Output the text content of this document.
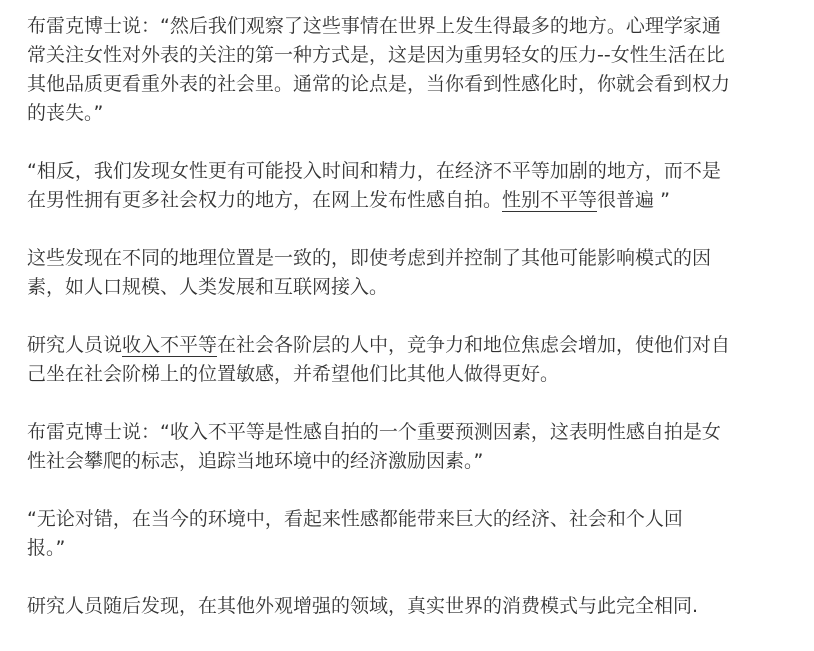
布雷克博士说：“然后我们观察了这些事情在世界上发生得最多的地方。心理学家通
常关注女性对外表的关注的第一种方式是，这是因为重男轻女的压力--女性生活在比
其他品质更看重外表的社会里。通常的论点是，当你看到性感化时，你就会看到权力
的丧失。”

“相反，我们发现女性更有可能投入时间和精力，在经济不平等加剧的地方，而不是
在男性拥有更多社会权力的地方，在网上发布性感自拍。性别不平等很普遍 ”

这些发现在不同的地理位置是一致的，即使考虑到并控制了其他可能影响模式的因
素，如人口规模、人类发展和互联网接入。

研究人员说收入不平等在社会各阶层的人中，竞争力和地位焦虑会增加，使他们对自
己坐在社会阶梯上的位置敏感，并希望他们比其他人做得更好。

布雷克博士说：“收入不平等是性感自拍的一个重要预测因素，这表明性感自拍是女
性社会攀爬的标志，追踪当地环境中的经济激励因素。”

“无论对错，在当今的环境中，看起来性感都能带来巨大的经济、社会和个人回
报。”

研究人员随后发现，在其他外观增强的领域，真实世界的消费模式与此完全相同.
